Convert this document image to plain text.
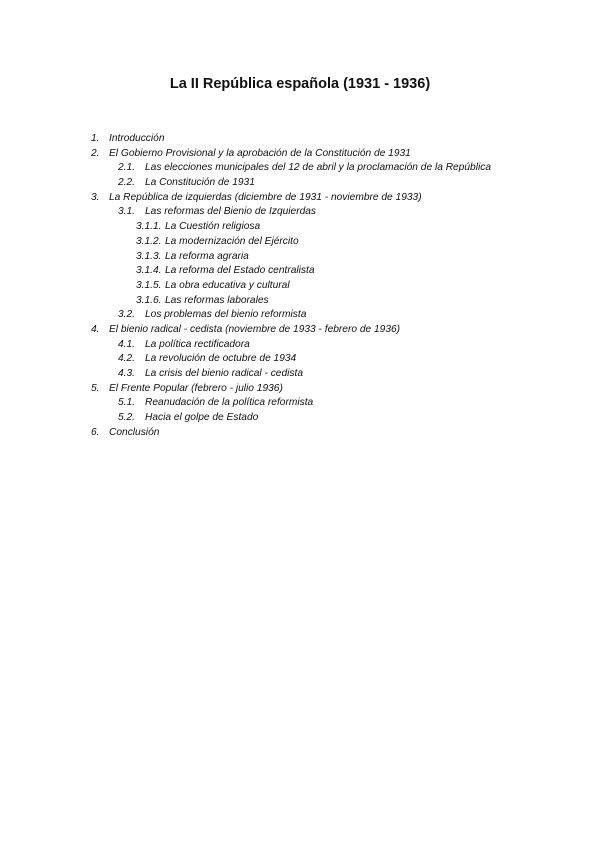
La II República española (1931 - 1936)
1. Introducción
2. El Gobierno Provisional y la aprobación de la Constitución de 1931
2.1. Las elecciones municipales del 12 de abril y la proclamación de la República
2.2. La Constitución de 1931
3. La República de izquierdas (diciembre de 1931 - noviembre de 1933)
3.1. Las reformas del Bienio de Izquierdas
3.1.1. La Cuestión religiosa
3.1.2. La modernización del Ejército
3.1.3. La reforma agraria
3.1.4. La reforma del Estado centralista
3.1.5. La obra educativa y cultural
3.1.6. Las reformas laborales
3.2. Los problemas del bienio reformista
4. El bienio radical - cedista (noviembre de 1933 - febrero de 1936)
4.1. La política rectificadora
4.2. La revolución de octubre de 1934
4.3. La crisis del bienio radical - cedista
5. El Frente Popular (febrero - julio 1936)
5.1. Reanudación de la política reformista
5.2. Hacia el golpe de Estado
6. Conclusión
